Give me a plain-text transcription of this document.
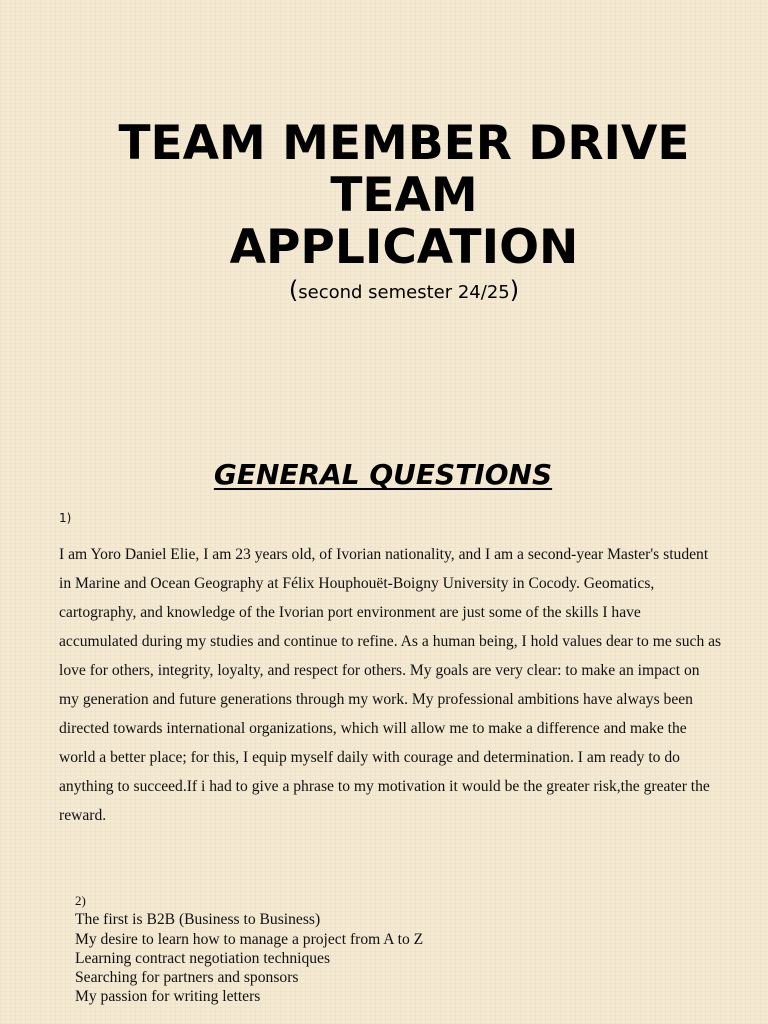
TEAM MEMBER DRIVE
TEAM
APPLICATION
(second semester 24/25)
GENERAL QUESTIONS
1)
I am Yoro Daniel Elie, I am 23 years old, of Ivorian nationality, and I am a second-year Master's student in Marine and Ocean Geography at Félix Houphouët-Boigny University in Cocody. Geomatics, cartography, and knowledge of the Ivorian port environment are just some of the skills I have accumulated during my studies and continue to refine. As a human being, I hold values dear to me such as love for others, integrity, loyalty, and respect for others. My goals are very clear: to make an impact on my generation and future generations through my work. My professional ambitions have always been directed towards international organizations, which will allow me to make a difference and make the world a better place; for this, I equip myself daily with courage and determination. I am ready to do anything to succeed.If i had to give a phrase to my motivation it would be the greater risk,the greater the reward.
2)
The first is B2B (Business to Business)
My desire to learn how to manage a project from A to Z
Learning contract negotiation techniques
Searching for partners and sponsors
My passion for writing letters
